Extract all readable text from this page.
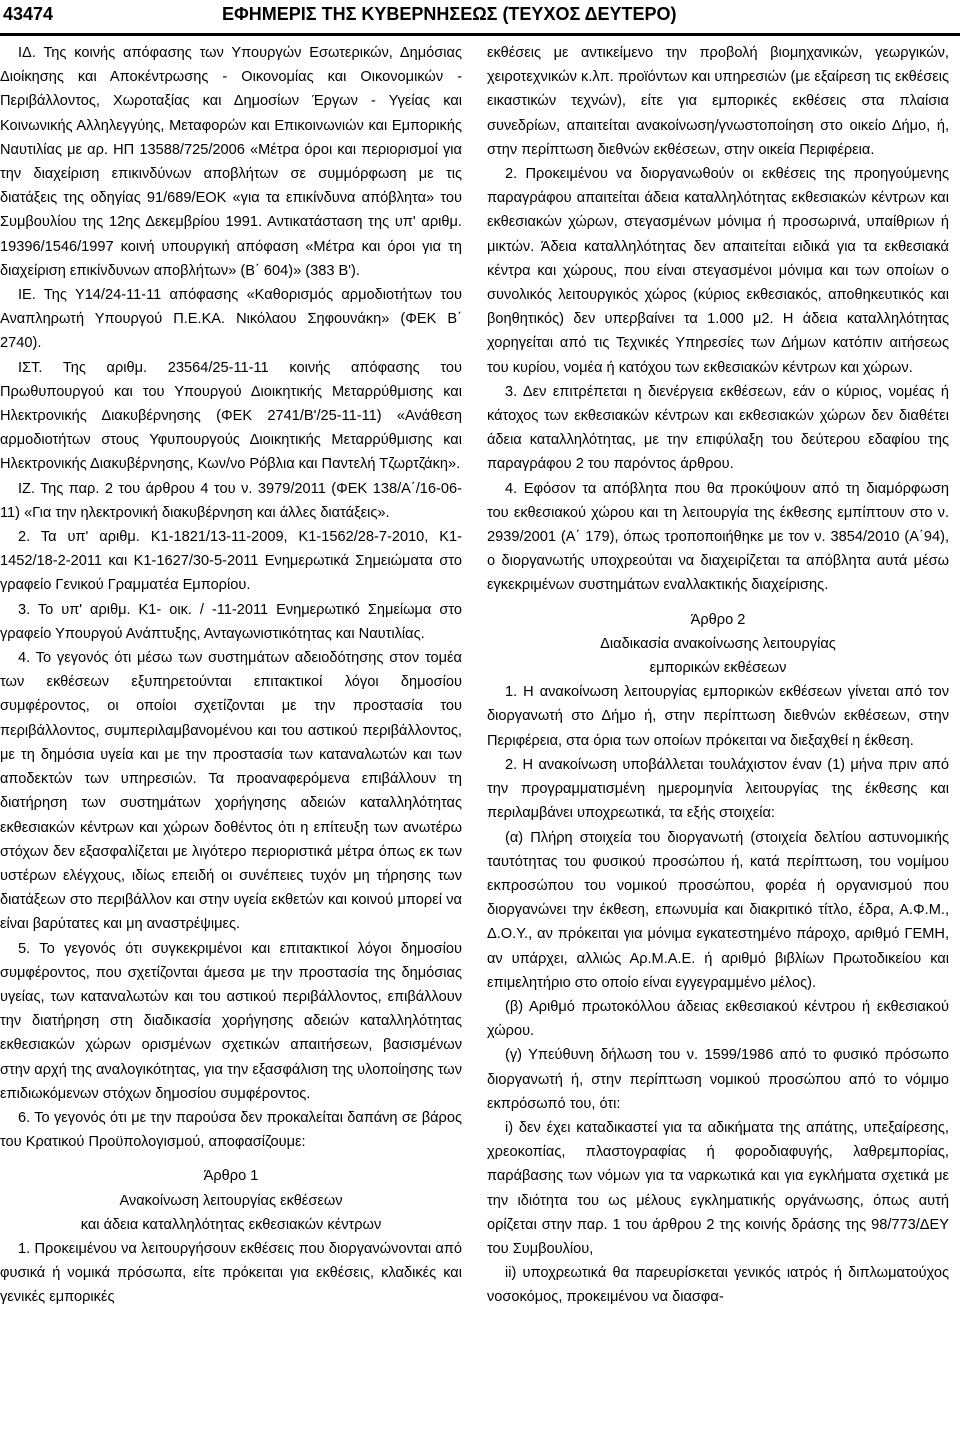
43474	ΕΦΗΜΕΡΙΣ ΤΗΣ ΚΥΒΕΡΝΗΣΕΩΣ (ΤΕΥΧΟΣ ΔΕΥΤΕΡΟ)

ΙΔ. Της κοινής απόφασης των Υπουργών Εσωτερικών, Δημόσιας Διοίκησης και Αποκέντρωσης - Οικονομίας και Οικονομικών - Περιβάλλοντος, Χωροταξίας και Δημοσίων Έργων - Υγείας και Κοινωνικής Αλληλεγγύης, Μεταφορών και Επικοινωνιών και Εμπορικής Ναυτιλίας με αρ. ΗΠ 13588/725/2006 «Μέτρα όροι και περιορισμοί για την διαχείριση επικινδύνων αποβλήτων σε συμμόρφωση με τις διατάξεις της οδηγίας 91/689/ΕΟΚ «για τα επικίνδυνα απόβλητα» του Συμβουλίου της 12ης Δεκεμβρίου 1991. Αντικατάσταση της υπ' αριθμ. 19396/1546/1997 κοινή υπουργική απόφαση «Μέτρα και όροι για τη διαχείριση επικίνδυνων αποβλήτων» (Β΄ 604)» (383 Β').

ΙΕ. Της Υ14/24-11-11 απόφασης «Καθορισμός αρμοδιοτήτων του Αναπληρωτή Υπουργού Π.Ε.ΚΑ. Νικόλαου Σηφουνάκη» (ΦΕΚ Β΄ 2740).

ΙΣΤ. Της αριθμ. 23564/25-11-11 κοινής απόφασης του Πρωθυπουργού και του Υπουργού Διοικητικής Μεταρρύθμισης και Ηλεκτρονικής Διακυβέρνησης (ΦΕΚ 2741/Β'/25-11-11) «Ανάθεση αρμοδιοτήτων στους Υφυπουργούς Διοικητικής Μεταρρύθμισης και Ηλεκτρονικής Διακυβέρνησης, Κων/νο Ρόβλια και Παντελή Τζωρτζάκη».

ΙΖ. Της παρ. 2 του άρθρου 4 του ν. 3979/2011 (ΦΕΚ 138/Α΄/16-06-11) «Για την ηλεκτρονική διακυβέρνηση και άλλες διατάξεις».

2. Τα υπ' αριθμ. Κ1-1821/13-11-2009, Κ1-1562/28-7-2010, Κ1- 1452/18-2-2011 και Κ1-1627/30-5-2011 Ενημερωτικά Σημειώματα στο γραφείο Γενικού Γραμματέα Εμπορίου.

3. Το υπ' αριθμ. Κ1- οικ. / -11-2011 Ενημερωτικό Σημείωμα στο γραφείο Υπουργού Ανάπτυξης, Ανταγωνιστικότητας και Ναυτιλίας.

4. Το γεγονός ότι μέσω των συστημάτων αδειοδότησης στον τομέα των εκθέσεων εξυπηρετούνται επιτακτικοί λόγοι δημοσίου συμφέροντος, οι οποίοι σχετίζονται με την προστασία του περιβάλλοντος, συμπεριλαμβανομένου και του αστικού περιβάλλοντος, με τη δημόσια υγεία και με την προστασία των καταναλωτών και των αποδεκτών των υπηρεσιών. Τα προαναφερόμενα επιβάλλουν τη διατήρηση των συστημάτων χορήγησης αδειών καταλληλότητας εκθεσιακών κέντρων και χώρων δοθέντος ότι η επίτευξη των ανωτέρω στόχων δεν εξασφαλίζεται με λιγότερο περιοριστικά μέτρα όπως εκ των υστέρων ελέγχους, ιδίως επειδή οι συνέπειες τυχόν μη τήρησης των διατάξεων στο περιβάλλον και στην υγεία εκθετών και κοινού μπορεί να είναι βαρύτατες και μη αναστρέψιμες.

5. Το γεγονός ότι συγκεκριμένοι και επιτακτικοί λόγοι δημοσίου συμφέροντος, που σχετίζονται άμεσα με την προστασία της δημόσιας υγείας, των καταναλωτών και του αστικού περιβάλλοντος, επιβάλλουν την διατήρηση στη διαδικασία χορήγησης αδειών καταλληλότητας εκθεσιακών χώρων ορισμένων σχετικών απαιτήσεων, βασισμένων στην αρχή της αναλογικότητας, για την εξασφάλιση της υλοποίησης των επιδιωκόμενων στόχων δημοσίου συμφέροντος.

6. Το γεγονός ότι με την παρούσα δεν προκαλείται δαπάνη σε βάρος του Κρατικού Προϋπολογισμού, αποφασίζουμε:

Άρθρο 1

Ανακοίνωση λειτουργίας εκθέσεων

και άδεια καταλληλότητας εκθεσιακών κέντρων

1. Προκειμένου να λειτουργήσουν εκθέσεις που διοργανώνονται από φυσικά ή νομικά πρόσωπα, είτε πρόκειται για εκθέσεις, κλαδικές και γενικές εμπορικές

εκθέσεις με αντικείμενο την προβολή βιομηχανικών, γεωργικών, χειροτεχνικών κ.λπ. προϊόντων και υπηρεσιών (με εξαίρεση τις εκθέσεις εικαστικών τεχνών), είτε για εμπορικές εκθέσεις στα πλαίσια συνεδρίων, απαιτείται ανακοίνωση/γνωστοποίηση στο οικείο Δήμο, ή, στην περίπτωση διεθνών εκθέσεων, στην οικεία Περιφέρεια.

2. Προκειμένου να διοργανωθούν οι εκθέσεις της προηγούμενης παραγράφου απαιτείται άδεια καταλληλότητας εκθεσιακών κέντρων και εκθεσιακών χώρων, στεγασμένων μόνιμα ή προσωρινά, υπαίθριων ή μικτών. Άδεια καταλληλότητας δεν απαιτείται ειδικά για τα εκθεσιακά κέντρα και χώρους, που είναι στεγασμένοι μόνιμα και των οποίων ο συνολικός λειτουργικός χώρος (κύριος εκθεσιακός, αποθηκευτικός και βοηθητικός) δεν υπερβαίνει τα 1.000 μ2. Η άδεια καταλληλότητας χορηγείται από τις Τεχνικές Υπηρεσίες των Δήμων κατόπιν αιτήσεως του κυρίου, νομέα ή κατόχου των εκθεσιακών κέντρων και χώρων.

3. Δεν επιτρέπεται η διενέργεια εκθέσεων, εάν ο κύριος, νομέας ή κάτοχος των εκθεσιακών κέντρων και εκθεσιακών χώρων δεν διαθέτει άδεια καταλληλότητας, με την επιφύλαξη του δεύτερου εδαφίου της παραγράφου 2 του παρόντος άρθρου.

4. Εφόσον τα απόβλητα που θα προκύψουν από τη διαμόρφωση του εκθεσιακού χώρου και τη λειτουργία της έκθεσης εμπίπτουν στο ν. 2939/2001 (Α΄ 179), όπως τροποποιήθηκε με τον ν. 3854/2010 (Α΄94), ο διοργανωτής υποχρεούται να διαχειρίζεται τα απόβλητα αυτά μέσω εγκεκριμένων συστημάτων εναλλακτικής διαχείρισης.

Άρθρο 2

Διαδικασία ανακοίνωσης λειτουργίας

εμπορικών εκθέσεων

1. Η ανακοίνωση λειτουργίας εμπορικών εκθέσεων γίνεται από τον διοργανωτή στο Δήμο ή, στην περίπτωση διεθνών εκθέσεων, στην Περιφέρεια, στα όρια των οποίων πρόκειται να διεξαχθεί η έκθεση.

2. Η ανακοίνωση υποβάλλεται τουλάχιστον έναν (1) μήνα πριν από την προγραμματισμένη ημερομηνία λειτουργίας της έκθεσης και περιλαμβάνει υποχρεωτικά, τα εξής στοιχεία:

(α) Πλήρη στοιχεία του διοργανωτή (στοιχεία δελτίου αστυνομικής ταυτότητας του φυσικού προσώπου ή, κατά περίπτωση, του νομίμου εκπροσώπου του νομικού προσώπου, φορέα ή οργανισμού που διοργανώνει την έκθεση, επωνυμία και διακριτικό τίτλο, έδρα, Α.Φ.Μ., Δ.Ο.Υ., αν πρόκειται για μόνιμα εγκατεστημένο πάροχο, αριθμό ΓΕΜΗ, αν υπάρχει, αλλιώς Αρ.Μ.Α.Ε. ή αριθμό βιβλίων Πρωτοδικείου και επιμελητήριο στο οποίο είναι εγγεγραμμένο μέλος).

(β) Αριθμό πρωτοκόλλου άδειας εκθεσιακού κέντρου ή εκθεσιακού χώρου.

(γ) Υπεύθυνη δήλωση του ν. 1599/1986 από το φυσικό πρόσωπο διοργανωτή ή, στην περίπτωση νομικού προσώπου από το νόμιμο εκπρόσωπό του, ότι:

i) δεν έχει καταδικαστεί για τα αδικήματα της απάτης, υπεξαίρεσης, χρεοκοπίας, πλαστογραφίας ή φοροδιαφυγής, λαθρεμπορίας, παράβασης των νόμων για τα ναρκωτικά και για εγκλήματα σχετικά με την ιδιότητα του ως μέλους εγκληματικής οργάνωσης, όπως αυτή ορίζεται στην παρ. 1 του άρθρου 2 της κοινής δράσης της 98/773/ΔΕΥ του Συμβουλίου,

ii) υποχρεωτικά θα παρευρίσκεται γενικός ιατρός ή διπλωματούχος νοσοκόμος, προκειμένου να διασφα-
